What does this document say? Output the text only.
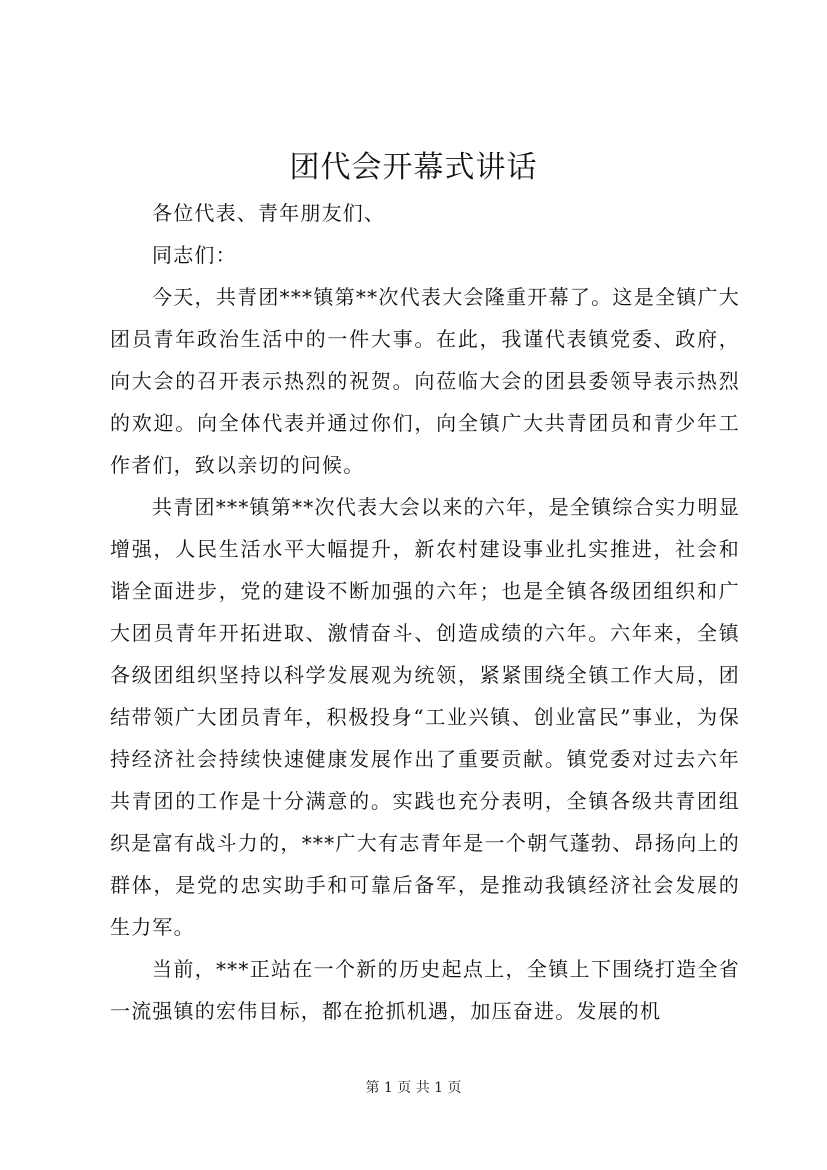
团代会开幕式讲话

各位代表、青年朋友们、

同志们：

今天，共青团***镇第**次代表大会隆重开幕了。这是全镇广大团员青年政治生活中的一件大事。在此，我谨代表镇党委、政府，向大会的召开表示热烈的祝贺。向莅临大会的团县委领导表示热烈的欢迎。向全体代表并通过你们，向全镇广大共青团员和青少年工作者们，致以亲切的问候。

共青团***镇第**次代表大会以来的六年，是全镇综合实力明显增强，人民生活水平大幅提升，新农村建设事业扎实推进，社会和谐全面进步，党的建设不断加强的六年；也是全镇各级团组织和广大团员青年开拓进取、激情奋斗、创造成绩的六年。六年来，全镇各级团组织坚持以科学发展观为统领，紧紧围绕全镇工作大局，团结带领广大团员青年，积极投身“工业兴镇、创业富民”事业，为保持经济社会持续快速健康发展作出了重要贡献。镇党委对过去六年共青团的工作是十分满意的。实践也充分表明，全镇各级共青团组织是富有战斗力的，***广大有志青年是一个朝气蓬勃、昂扬向上的群体，是党的忠实助手和可靠后备军，是推动我镇经济社会发展的生力军。

当前，***正站在一个新的历史起点上，全镇上下围绕打造全省一流强镇的宏伟目标，都在抢抓机遇，加压奋进。发展的机

第 1 页 共 1 页
